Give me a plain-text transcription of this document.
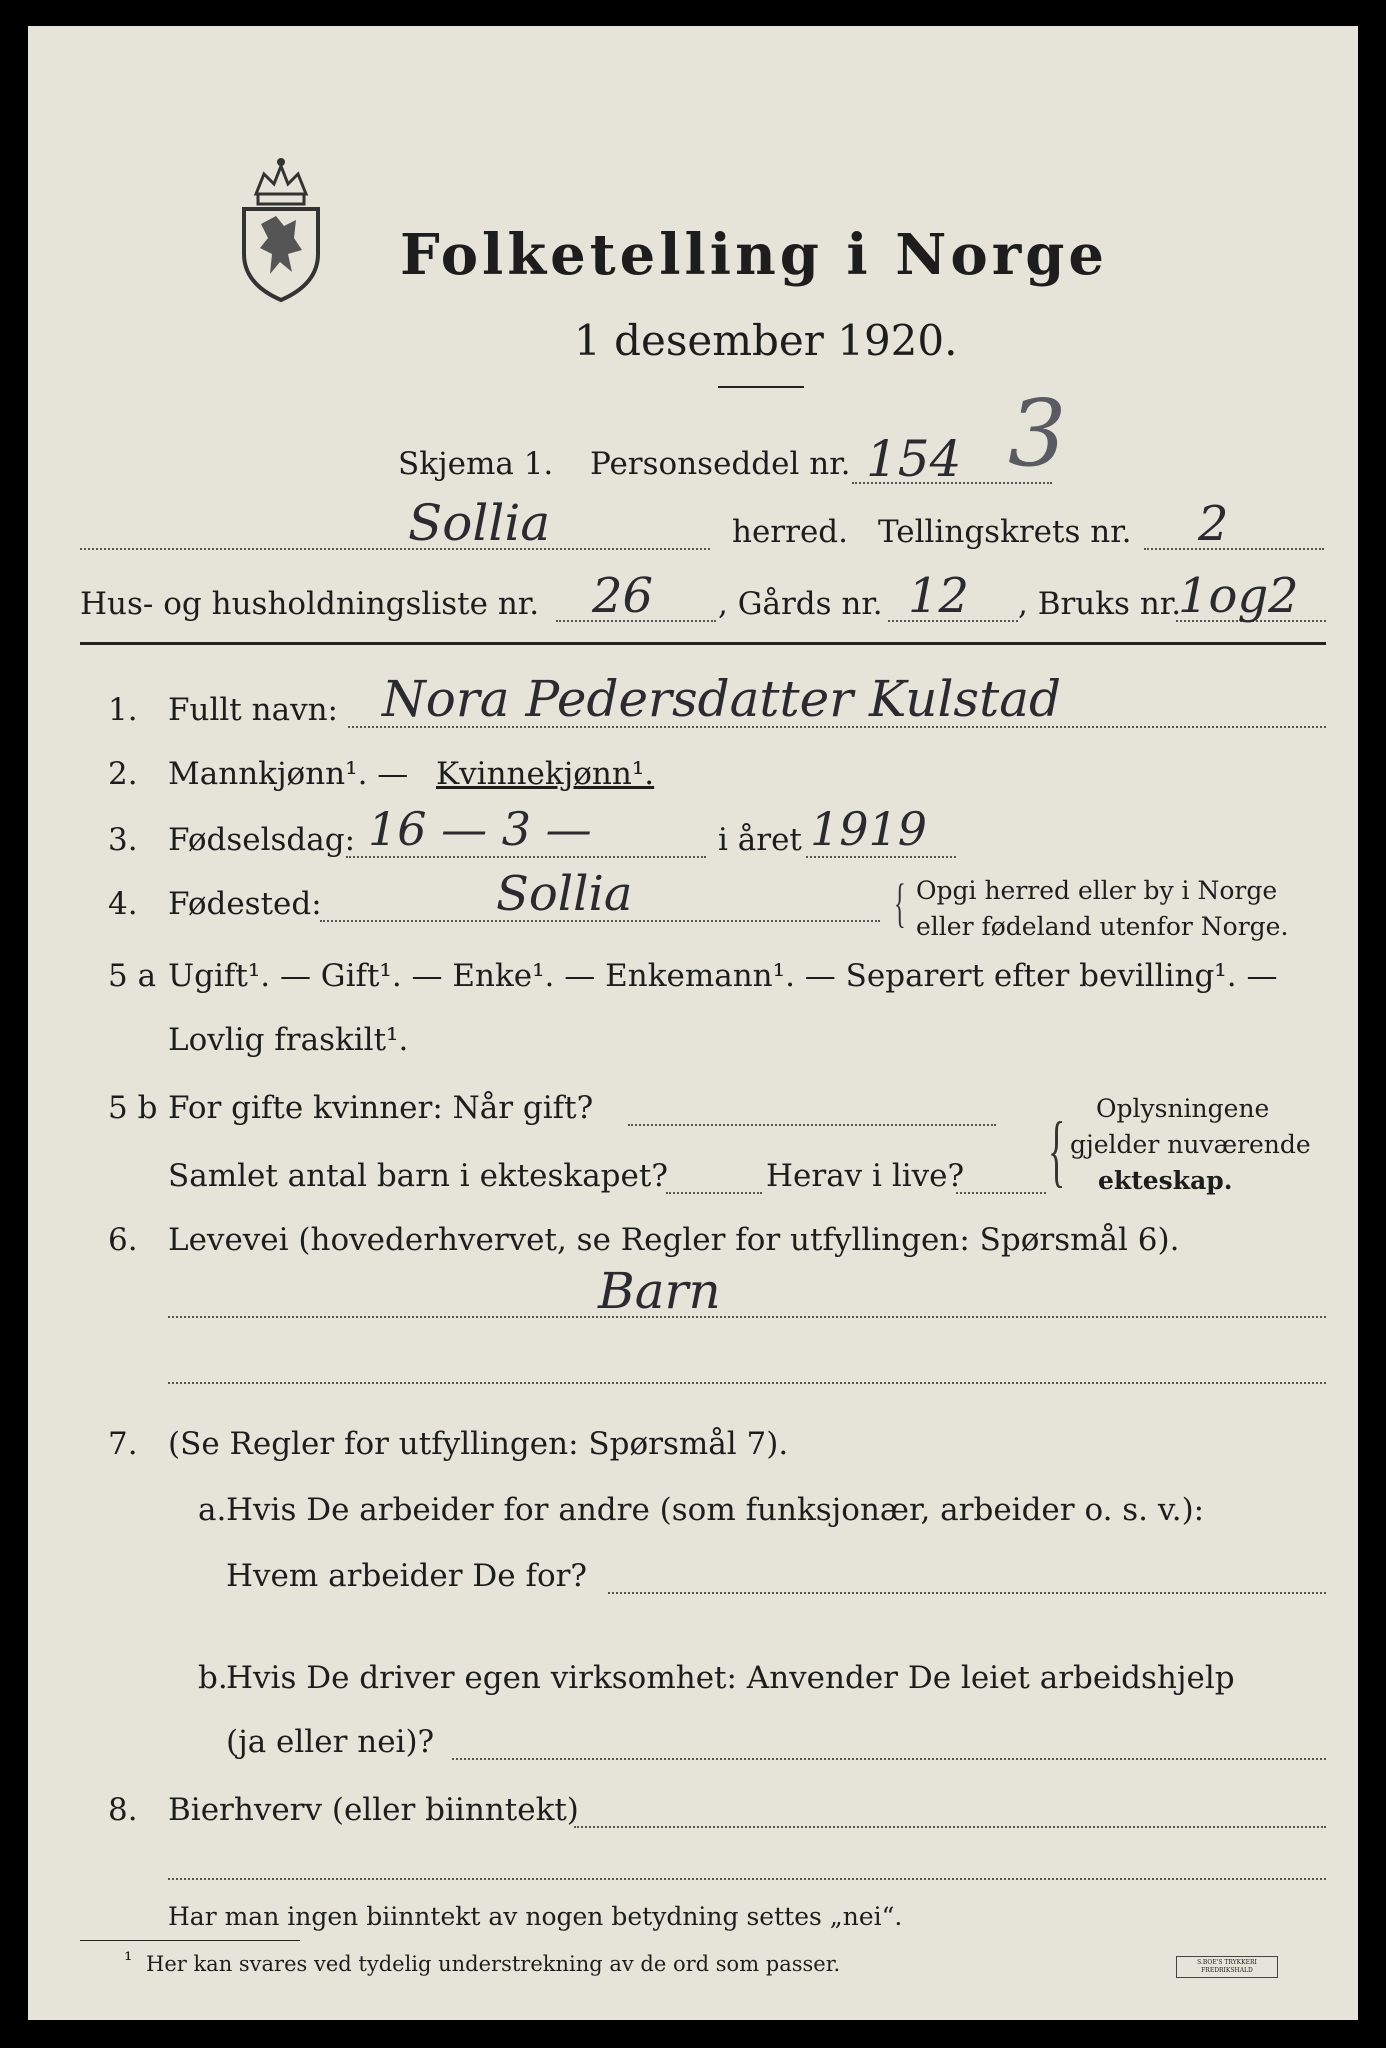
Folketelling i Norge
1 desember 1920.
Skjema 1. Personseddel nr. 154 3
Sollia	herred. Tellingskrets nr. 2
Hus- og husholdningsliste nr. 26 , Gårds nr. 12 , Bruks nr.
1og2
1. Fullt navn: Nora Pedersdatter Kulstad
2. Mannkjønn¹. — Kvinnekjønn¹.
3. Fødselsdag: 16 — 3 —	i året 1919
4. Fødested:	Sollia	{ Opgi herred eller by i Norge
eller fødeland utenfor Norge.
5 a Ugift¹. — Gift¹. — Enke¹. — Enkemann¹. — Separert efter bevilling¹. —
Lovlig fraskilt¹.
5 b For gifte kvinner: Når gift?
Samlet antal barn i ekteskapet?	Herav i live? { Oplysningene
gjelder nuværende
ekteskap.
6. Levevei (hovederhvervet, se Regler for utfyllingen: Spørsmål 6).
Barn
7. (Se Regler for utfyllingen: Spørsmål 7).
a. Hvis De arbeider for andre (som funksjonær, arbeider o. s. v.):
Hvem arbeider De for?
b.
Hvis De driver egen virksomhet: Anvender De leiet arbeidshjelp
(ja eller nei)?
8. Bierhverv (eller biinntekt)
Har man ingen biinntekt av nogen betydning settes „nei“.
¹ Her kan svares ved tydelig understrekning av de ord som passer.	S.BOE'S TRYKKERI FREDRIKSHALD
